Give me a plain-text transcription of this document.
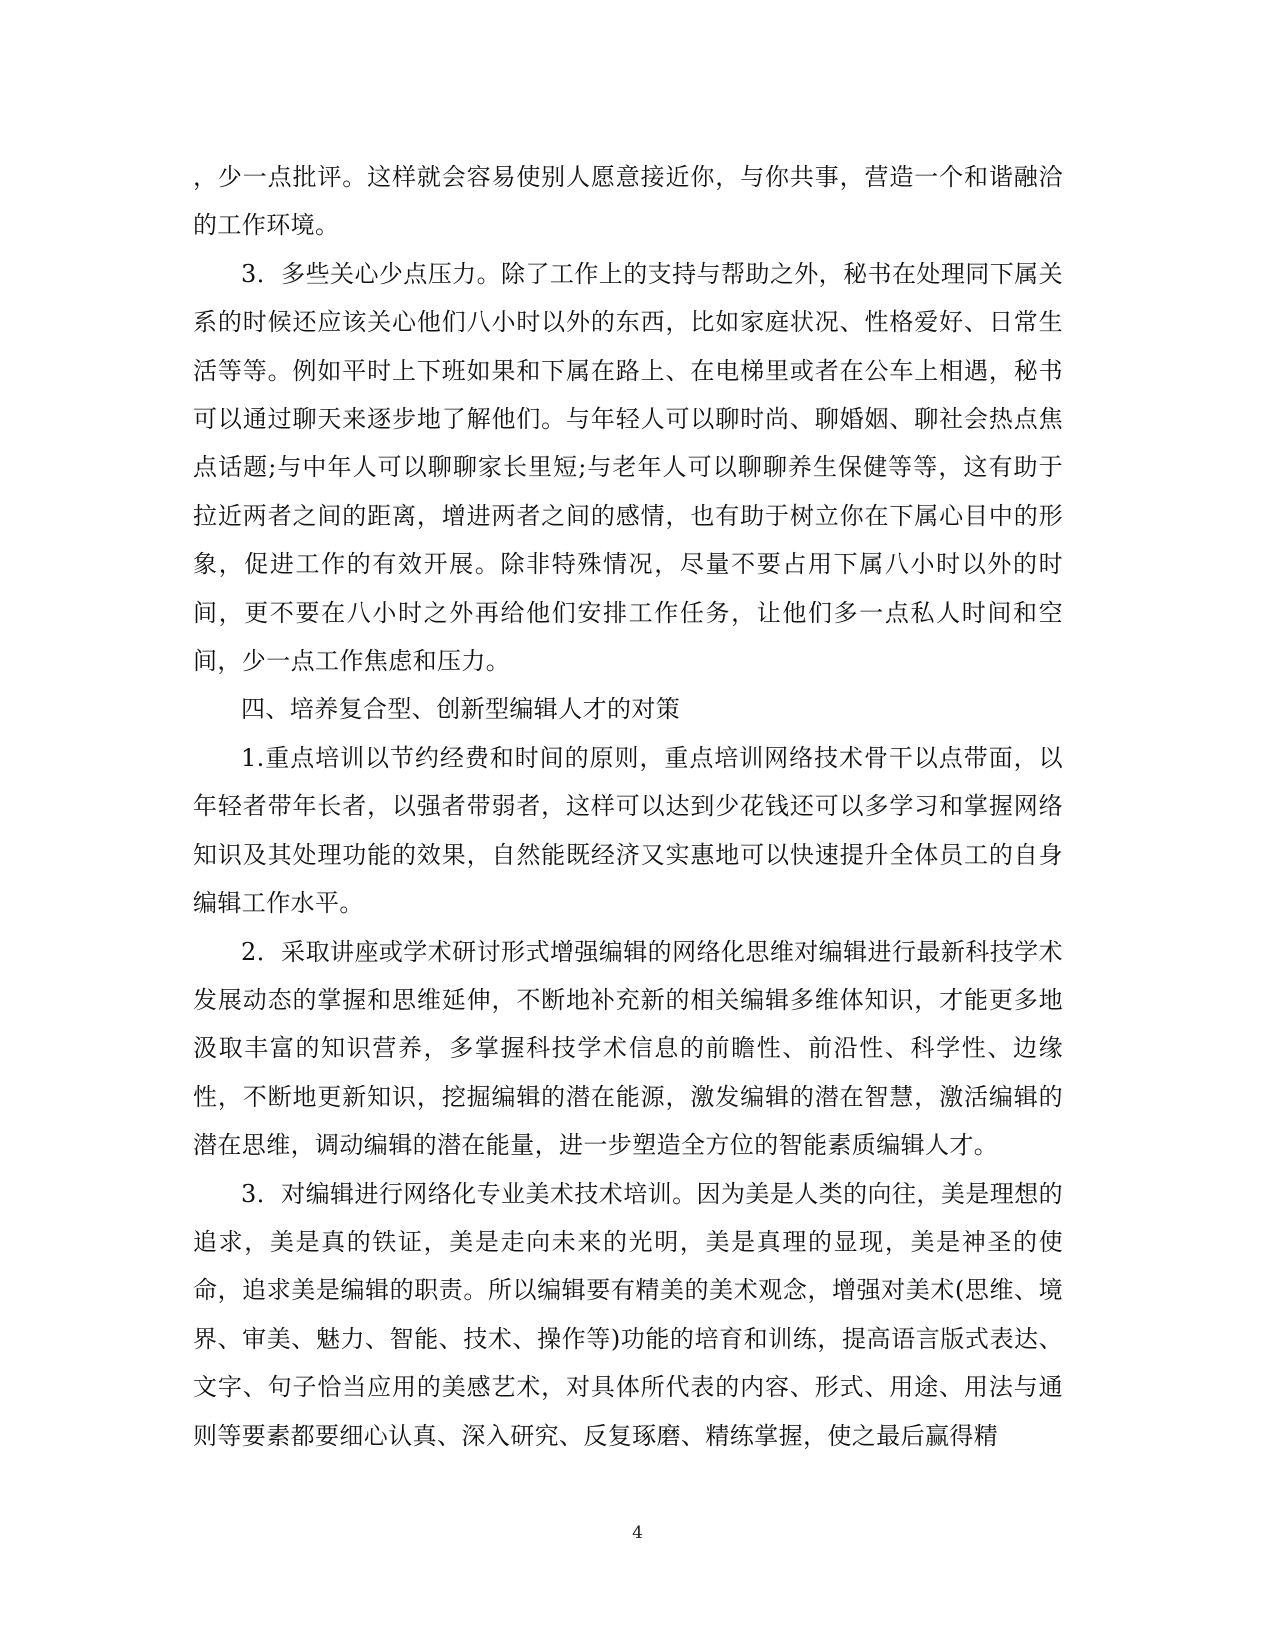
，少一点批评。这样就会容易使别人愿意接近你，与你共事，营造一个和谐融洽的工作环境。

3．多些关心少点压力。除了工作上的支持与帮助之外，秘书在处理同下属关系的时候还应该关心他们八小时以外的东西，比如家庭状况、性格爱好、日常生活等等。例如平时上下班如果和下属在路上、在电梯里或者在公车上相遇，秘书可以通过聊天来逐步地了解他们。与年轻人可以聊时尚、聊婚姻、聊社会热点焦点话题;与中年人可以聊聊家长里短;与老年人可以聊聊养生保健等等，这有助于拉近两者之间的距离，增进两者之间的感情，也有助于树立你在下属心目中的形象，促进工作的有效开展。除非特殊情况，尽量不要占用下属八小时以外的时间，更不要在八小时之外再给他们安排工作任务，让他们多一点私人时间和空间，少一点工作焦虑和压力。

四、培养复合型、创新型编辑人才的对策

1.重点培训以节约经费和时间的原则，重点培训网络技术骨干以点带面，以年轻者带年长者，以强者带弱者，这样可以达到少花钱还可以多学习和掌握网络知识及其处理功能的效果，自然能既经济又实惠地可以快速提升全体员工的自身编辑工作水平。

2．采取讲座或学术研讨形式增强编辑的网络化思维对编辑进行最新科技学术发展动态的掌握和思维延伸，不断地补充新的相关编辑多维体知识，才能更多地汲取丰富的知识营养，多掌握科技学术信息的前瞻性、前沿性、科学性、边缘性，不断地更新知识，挖掘编辑的潜在能源，激发编辑的潜在智慧，激活编辑的潜在思维，调动编辑的潜在能量，进一步塑造全方位的智能素质编辑人才。

3．对编辑进行网络化专业美术技术培训。因为美是人类的向往，美是理想的追求，美是真的铁证，美是走向未来的光明，美是真理的显现，美是神圣的使命，追求美是编辑的职责。所以编辑要有精美的美术观念，增强对美术(思维、境界、审美、魅力、智能、技术、操作等)功能的培育和训练，提高语言版式表达、文字、句子恰当应用的美感艺术，对具体所代表的内容、形式、用途、用法与通则等要素都要细心认真、深入研究、反复琢磨、精练掌握，使之最后赢得精

4
